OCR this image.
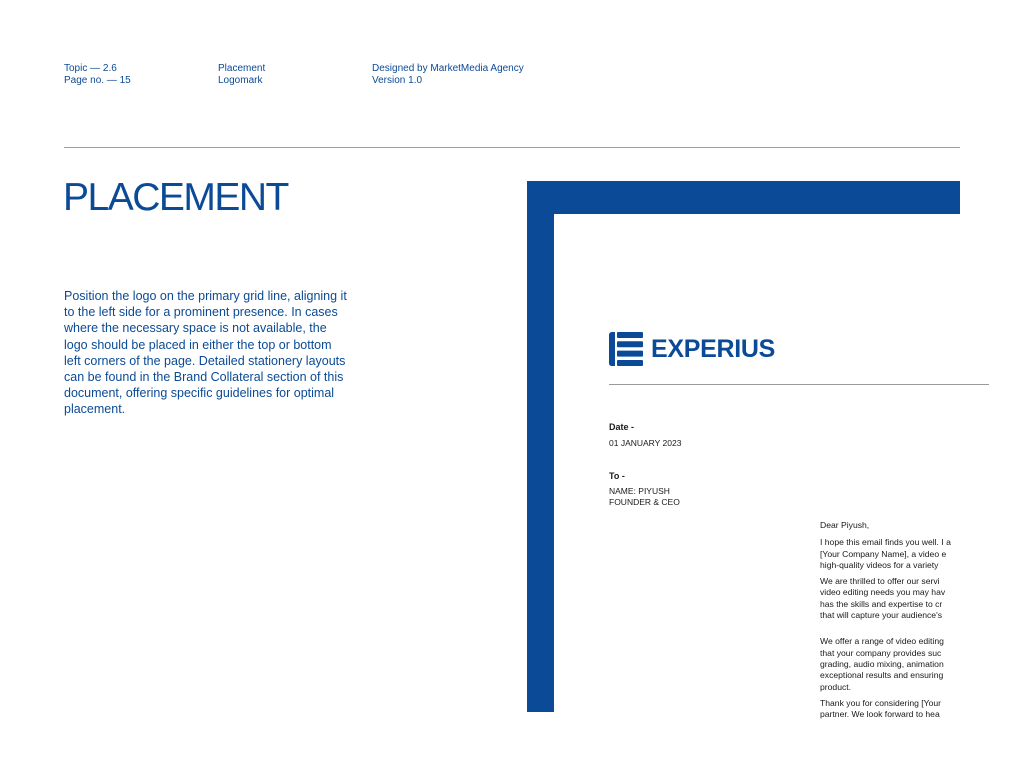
Topic — 2.6
Page no. — 15
Placement
Logomark
Designed by MarketMedia Agency
Version 1.0
PLACEMENT

Position the logo on the primary grid line, aligning it to the left side for a prominent presence. In cases where the necessary space is not available, the logo should be placed in either the top or bottom left corners of the page. Detailed stationery layouts can be found in the Brand Collateral section of this document, offering specific guidelines for optimal placement.

EXPERIUS
Date -
01 JANUARY 2023
To -
NAME: PIYUSH
FOUNDER & CEO

Dear Piyush,

I hope this email finds you well. I a
[Your Company Name], a video e
high-quality videos for a variety
We are thrilled to offer our servi
video editing needs you may hav
has the skills and expertise to cr
that will capture your audience's
We offer a range of video editing
that your company provides suc
grading, audio mixing, animation
exceptional results and ensuring
product.
Thank you for considering [Your
partner. We look forward to hea
